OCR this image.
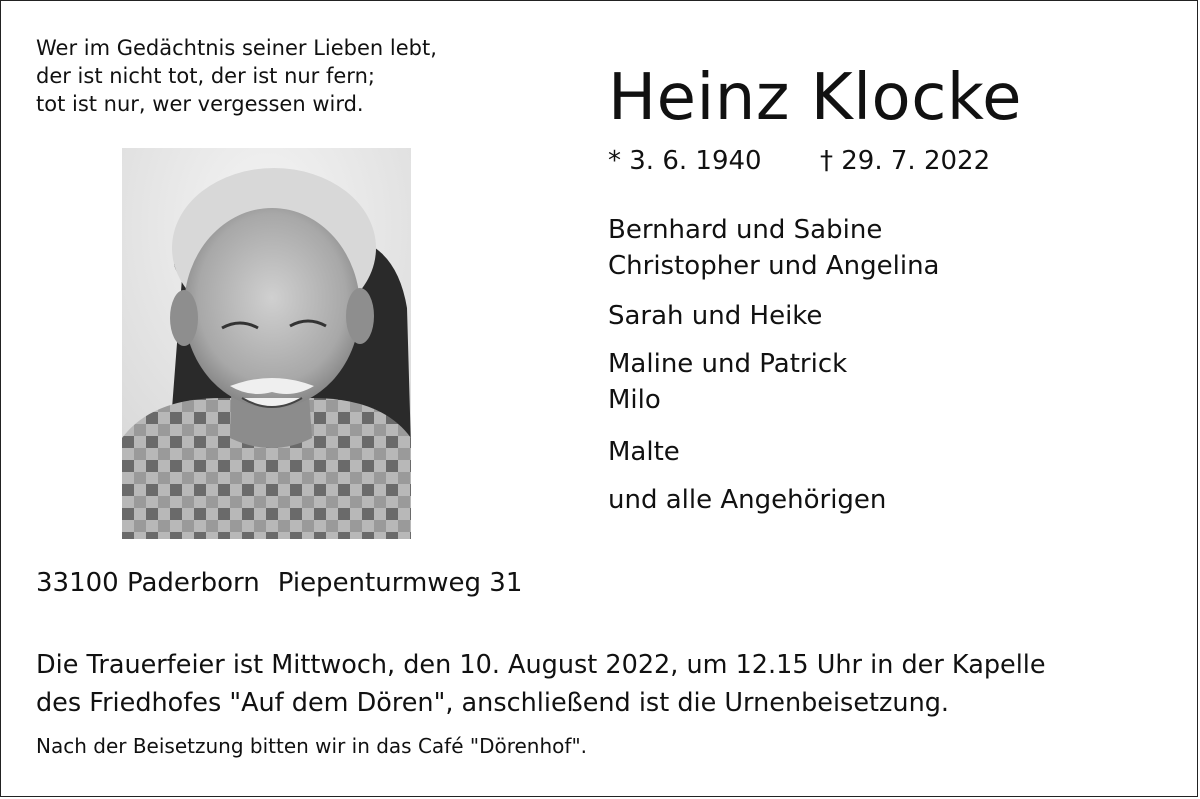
Wer im Gedächtnis seiner Lieben lebt,
der ist nicht tot, der ist nur fern;
tot ist nur, wer vergessen wird.	Heinz Klocke
* 3. 6. 1940 † 29. 7. 2022
Bernhard und Sabine
Christopher und Angelina
Sarah und Heike
Maline und Patrick
Milo
Malte
und alle Angehörigen
33100 Paderborn Piepenturmweg 31
Die Trauerfeier ist Mittwoch, den 10. August 2022, um 12.15 Uhr in der Kapelle
des Friedhofes "Auf dem Dören", anschließend ist die Urnenbeisetzung.
Nach der Beisetzung bitten wir in das Café "Dörenhof".
